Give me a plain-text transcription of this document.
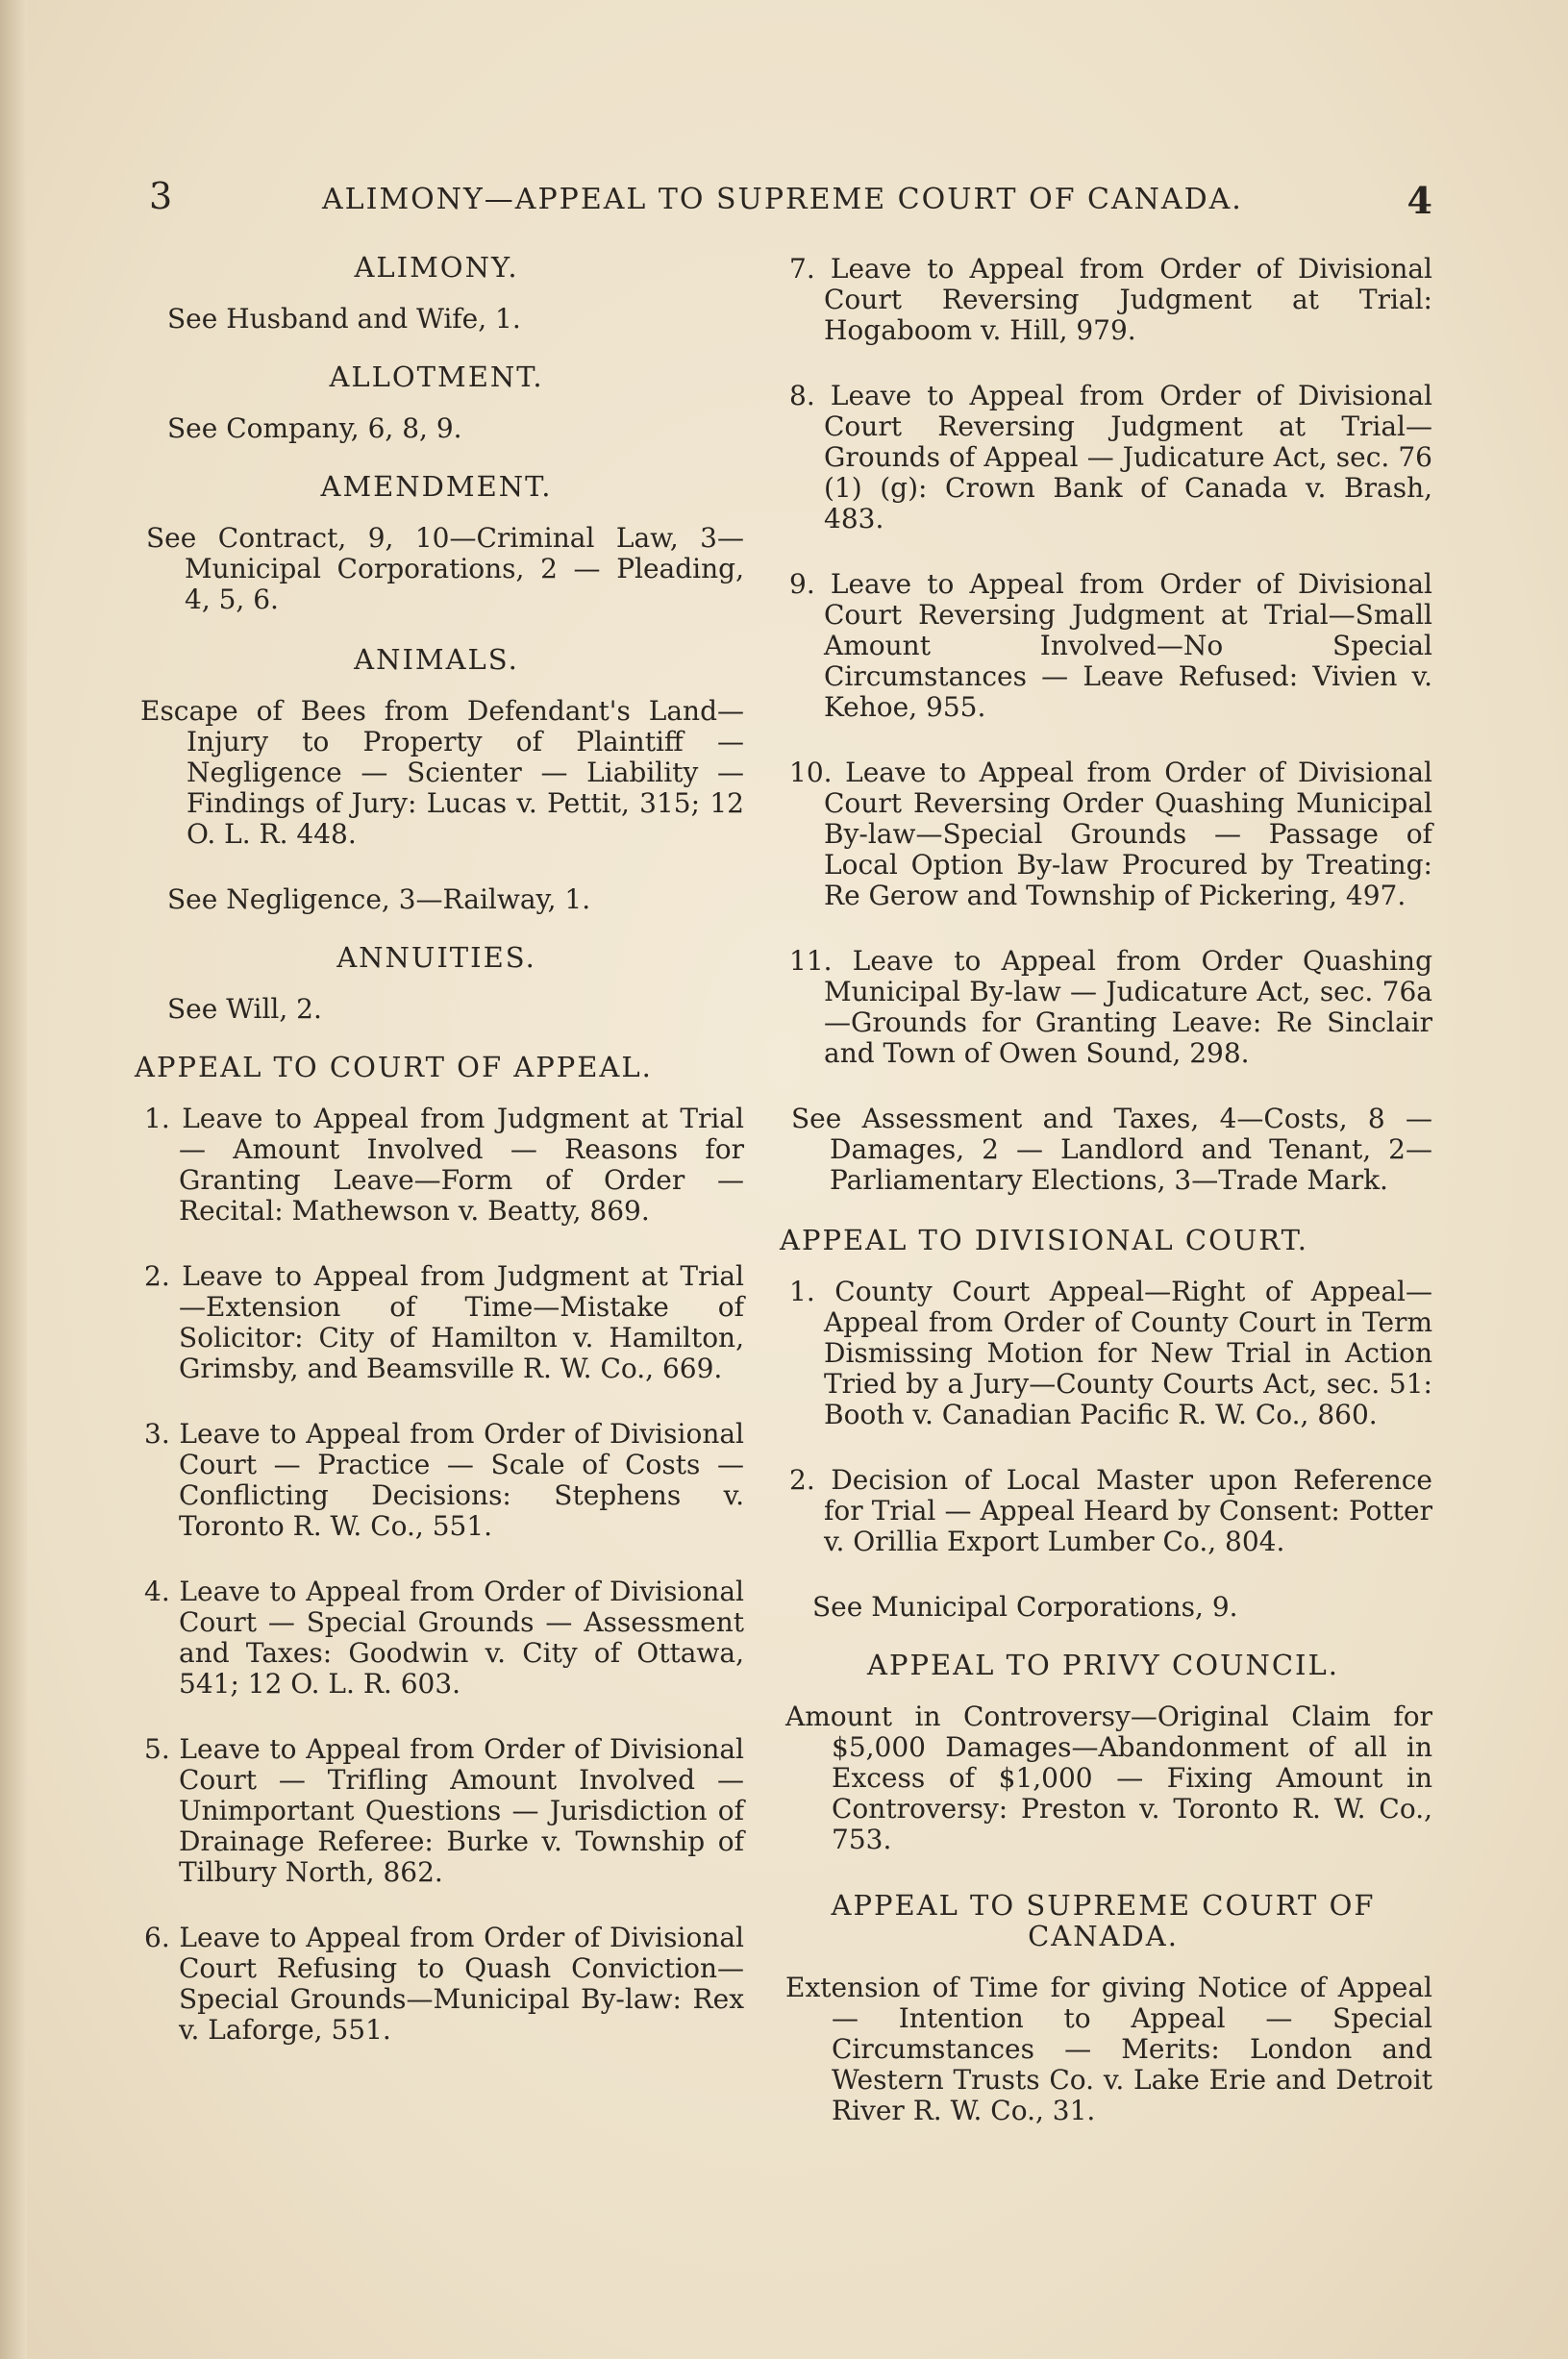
3	ALIMONY—APPEAL TO SUPREME COURT OF CANADA.	4
ALIMONY.
See Husband and Wife, 1.
ALLOTMENT.
See Company, 6, 8, 9.
AMENDMENT.
See Contract, 9, 10—Criminal Law, 3—Municipal Corporations, 2 — Pleading, 4, 5, 6.
ANIMALS.
Escape of Bees from Defendant's Land—Injury to Property of Plaintiff — Negligence — Scienter — Liability — Findings of Jury: Lucas v. Pettit, 315; 12 O. L. R. 448.
See Negligence, 3—Railway, 1.
ANNUITIES.
See Will, 2.
APPEAL TO COURT OF APPEAL.
1. Leave to Appeal from Judgment at Trial — Amount Involved — Reasons for Granting Leave—Form of Order — Recital: Mathewson v. Beatty, 869.
2. Leave to Appeal from Judgment at Trial—Extension of Time—Mistake of Solicitor: City of Hamilton v. Hamilton, Grimsby, and Beamsville R. W. Co., 669.
3. Leave to Appeal from Order of Divisional Court — Practice — Scale of Costs — Conflicting Decisions: Stephens v. Toronto R. W. Co., 551.
4. Leave to Appeal from Order of Divisional Court — Special Grounds — Assessment and Taxes: Goodwin v. City of Ottawa, 541; 12 O. L. R. 603.
5. Leave to Appeal from Order of Divisional Court — Trifling Amount Involved — Unimportant Questions — Jurisdiction of Drainage Referee: Burke v. Township of Tilbury North, 862.
6. Leave to Appeal from Order of Divisional Court Refusing to Quash Conviction—Special Grounds—Municipal By-law: Rex v. Laforge, 551.
7. Leave to Appeal from Order of Divisional Court Reversing Judgment at Trial: Hogaboom v. Hill, 979.
8. Leave to Appeal from Order of Divisional Court Reversing Judgment at Trial—Grounds of Appeal — Judicature Act, sec. 76 (1) (g): Crown Bank of Canada v. Brash, 483.
9. Leave to Appeal from Order of Divisional Court Reversing Judgment at Trial—Small Amount Involved—No Special Circumstances — Leave Refused: Vivien v. Kehoe, 955.
10. Leave to Appeal from Order of Divisional Court Reversing Order Quashing Municipal By-law—Special Grounds — Passage of Local Option By-law Procured by Treating: Re Gerow and Township of Pickering, 497.
11. Leave to Appeal from Order Quashing Municipal By-law — Judicature Act, sec. 76a—Grounds for Granting Leave: Re Sinclair and Town of Owen Sound, 298.
See Assessment and Taxes, 4—Costs, 8 —Damages, 2 — Landlord and Tenant, 2—Parliamentary Elections, 3—Trade Mark.
APPEAL TO DIVISIONAL COURT.
1. County Court Appeal—Right of Appeal—Appeal from Order of County Court in Term Dismissing Motion for New Trial in Action Tried by a Jury—County Courts Act, sec. 51: Booth v. Canadian Pacific R. W. Co., 860.
2. Decision of Local Master upon Reference for Trial — Appeal Heard by Consent: Potter v. Orillia Export Lumber Co., 804.
See Municipal Corporations, 9.
APPEAL TO PRIVY COUNCIL.
Amount in Controversy—Original Claim for $5,000 Damages—Abandonment of all in Excess of $1,000 — Fixing Amount in Controversy: Preston v. Toronto R. W. Co., 753.
APPEAL TO SUPREME COURT OF CANADA.
Extension of Time for giving Notice of Appeal — Intention to Appeal — Special Circumstances — Merits: London and Western Trusts Co. v. Lake Erie and Detroit River R. W. Co., 31.
